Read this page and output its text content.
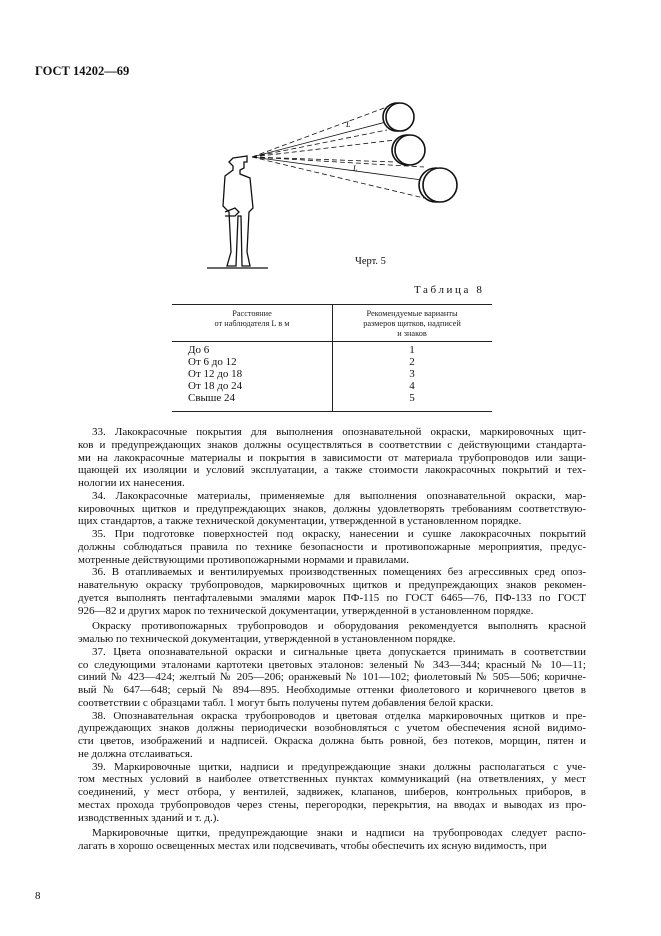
ГОСТ 14202—69
L
L
Черт. 5
Таблица 8
Расстояние
от наблюдателя L в м
Рекомендуемые варианты
размеров щитков, надписей
и знаков
До 6
От 6 до 12
От 12 до 18
От 18 до 24
Свыше 24
1
2
3
4
5
33. Лакокрасочные покрытия для выполнения опознавательной окраски, маркировочных щит-
ков и предупреждающих знаков должны осуществляться в соответствии с действующими стандарта-
ми на лакокрасочные материалы и покрытия в зависимости от материала трубопроводов или защи-
щающей их изоляции и условий эксплуатации, а также стоимости лакокрасочных покрытий и тех-
нологии их нанесения.
34. Лакокрасочные материалы, применяемые для выполнения опознавательной окраски, мар-
кировочных щитков и предупреждающих знаков, должны удовлетворять требованиям соответствую-
щих стандартов, а также технической документации, утвержденной в установленном порядке.
35. При подготовке поверхностей под окраску, нанесении и сушке лакокрасочных покрытий
должны соблюдаться правила по технике безопасности и противопожарные мероприятия, предус-
мотренные действующими противопожарными нормами и правилами.
36. В отапливаемых и вентилируемых производственных помещениях без агрессивных сред опоз-
навательную окраску трубопроводов, маркировочных щитков и предупреждающих знаков рекомен-
дуется выполнять пентафталевыми эмалями марок ПФ-115 по ГОСТ 6465—76, ПФ-133 по ГОСТ
926—82 и других марок по технической документации, утвержденной в установленном порядке.
Окраску противопожарных трубопроводов и оборудования рекомендуется выполнять красной
эмалью по технической документации, утвержденной в установленном порядке.
37. Цвета опознавательной окраски и сигнальные цвета допускается принимать в соответствии
со следующими эталонами картотеки цветовых эталонов: зеленый № 343—344; красный № 10—11;
синий № 423—424; желтый № 205—206; оранжевый № 101—102; фиолетовый № 505—506; коричне-
вый № 647—648; серый № 894—895. Необходимые оттенки фиолетового и коричневого цветов в
соответствии с образцами табл. 1 могут быть получены путем добавления белой краски.
38. Опознавательная окраска трубопроводов и цветовая отделка маркировочных щитков и пре-
дупреждающих знаков должны периодически возобновляться с учетом обеспечения ясной видимо-
сти цветов, изображений и надписей. Окраска должна быть ровной, без потеков, морщин, пятен и
не должна отслаиваться.
39. Маркировочные щитки, надписи и предупреждающие знаки должны располагаться с уче-
том местных условий в наиболее ответственных пунктах коммуникаций (на ответвлениях, у мест
соединений, у мест отбора, у вентилей, задвижек, клапанов, шиберов, контрольных приборов, в
местах прохода трубопроводов через стены, перегородки, перекрытия, на вводах и выводах из про-
изводственных зданий и т. д.).
Маркировочные щитки, предупреждающие знаки и надписи на трубопроводах следует распо-
лагать в хорошо освещенных местах или подсвечивать, чтобы обеспечить их ясную видимость, при
8
